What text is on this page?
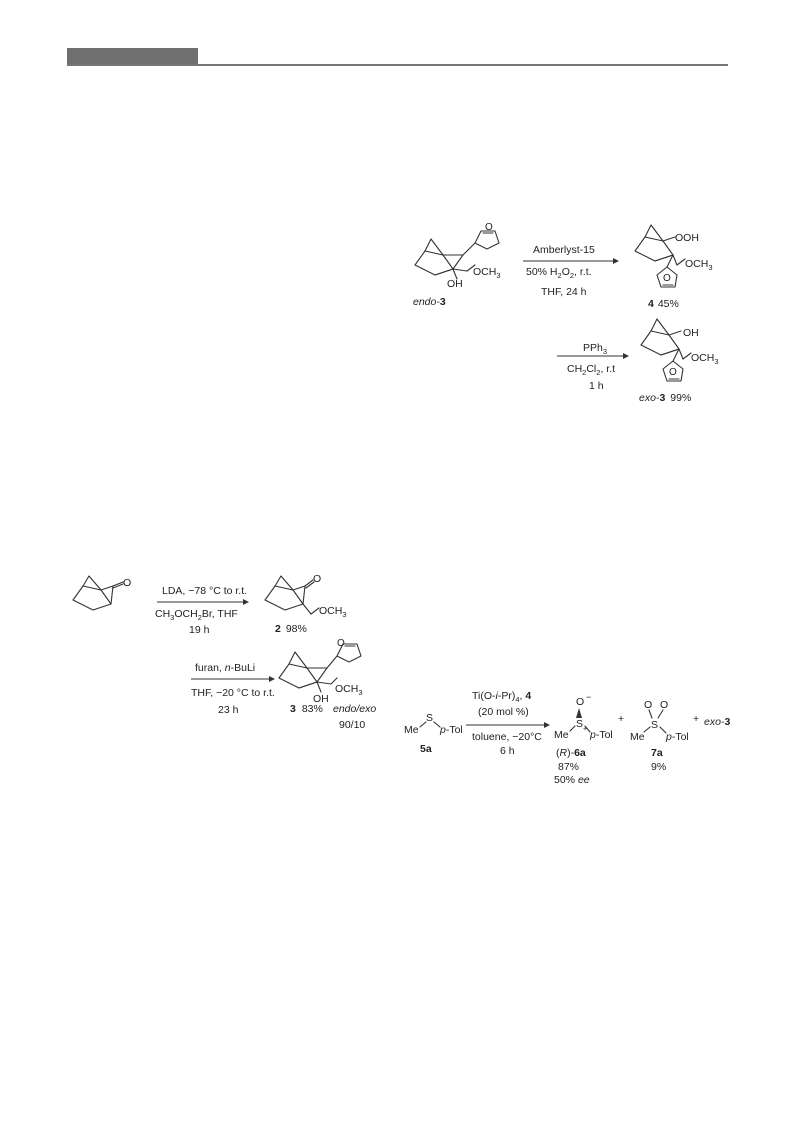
O
OH
$OCH_3$
endo-3
Amberlyst-15
50% $H_2O_2$, r.t.
THF, 24 h
O
OOH
$OCH_3$
4 45%
PPh$_3$
$CH_2Cl_2$, r.t
1 h
O
OH
$OCH_3$
exo-3 99%
O
LDA, −78 °C to r.t.
$CH_3OCH_2Br$, THF
19 h
O
$OCH_3$
2 98%
furan, n-BuLi
THF, −20 °C to r.t.
23 h
O
OH
$OCH_3$
3 83% endo/exo
90/10	Me
S
p-Tol
5a
$Ti(O-i-Pr)_4$, 4
(20 mol %)
toluene, −20°C
6 h
O −
S +
Me p-Tol
(R)-6a
87%
50% ee
+
O O
S
Me p-Tol
7a
9%
+ exo-3
